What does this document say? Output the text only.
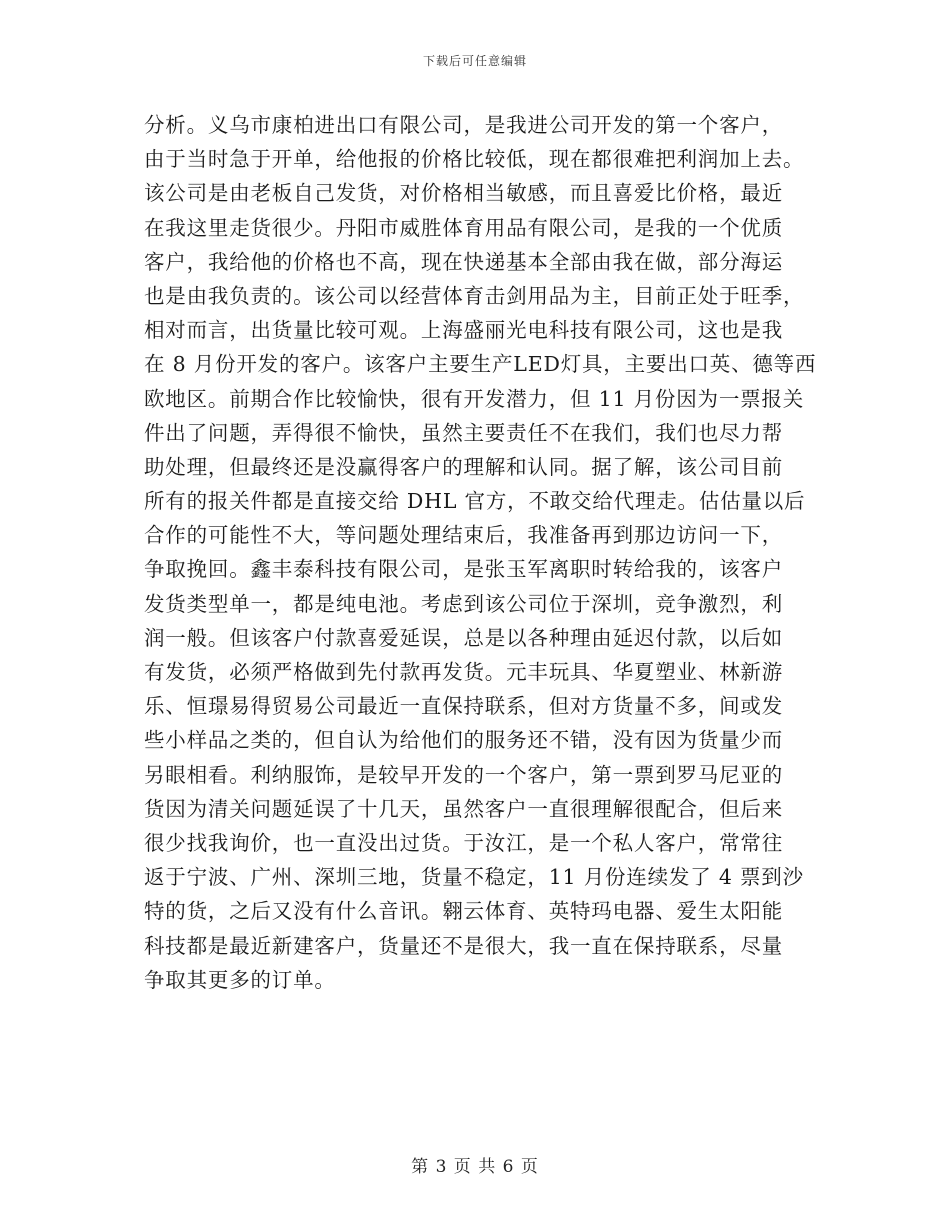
下载后可任意编辑
分析。义乌市康柏进出口有限公司，是我进公司开发的第一个客户，
由于当时急于开单，给他报的价格比较低，现在都很难把利润加上去。
该公司是由老板自己发货，对价格相当敏感，而且喜爱比价格，最近
在我这里走货很少。丹阳市威胜体育用品有限公司，是我的一个优质
客户，我给他的价格也不高，现在快递基本全部由我在做，部分海运
也是由我负责的。该公司以经营体育击剑用品为主，目前正处于旺季，
相对而言，出货量比较可观。上海盛丽光电科技有限公司，这也是我
在 8 月份开发的客户。该客户主要生产LED灯具，主要出口英、德等西
欧地区。前期合作比较愉快，很有开发潜力，但 11 月份因为一票报关
件出了问题，弄得很不愉快，虽然主要责任不在我们，我们也尽力帮
助处理，但最终还是没赢得客户的理解和认同。据了解，该公司目前
所有的报关件都是直接交给 DHL 官方，不敢交给代理走。估估量以后
合作的可能性不大，等问题处理结束后，我准备再到那边访问一下，
争取挽回。鑫丰泰科技有限公司，是张玉军离职时转给我的，该客户
发货类型单一，都是纯电池。考虑到该公司位于深圳，竞争激烈，利
润一般。但该客户付款喜爱延误，总是以各种理由延迟付款，以后如
有发货，必须严格做到先付款再发货。元丰玩具、华夏塑业、林新游
乐、恒璟易得贸易公司最近一直保持联系，但对方货量不多，间或发
些小样品之类的，但自认为给他们的服务还不错，没有因为货量少而
另眼相看。利纳服饰，是较早开发的一个客户，第一票到罗马尼亚的
货因为清关问题延误了十几天，虽然客户一直很理解很配合，但后来
很少找我询价，也一直没出过货。于汝江，是一个私人客户，常常往
返于宁波、广州、深圳三地，货量不稳定，11 月份连续发了 4 票到沙
特的货，之后又没有什么音讯。翱云体育、英特玛电器、爱生太阳能
科技都是最近新建客户，货量还不是很大，我一直在保持联系，尽量
争取其更多的订单。
第 3 页 共 6 页
